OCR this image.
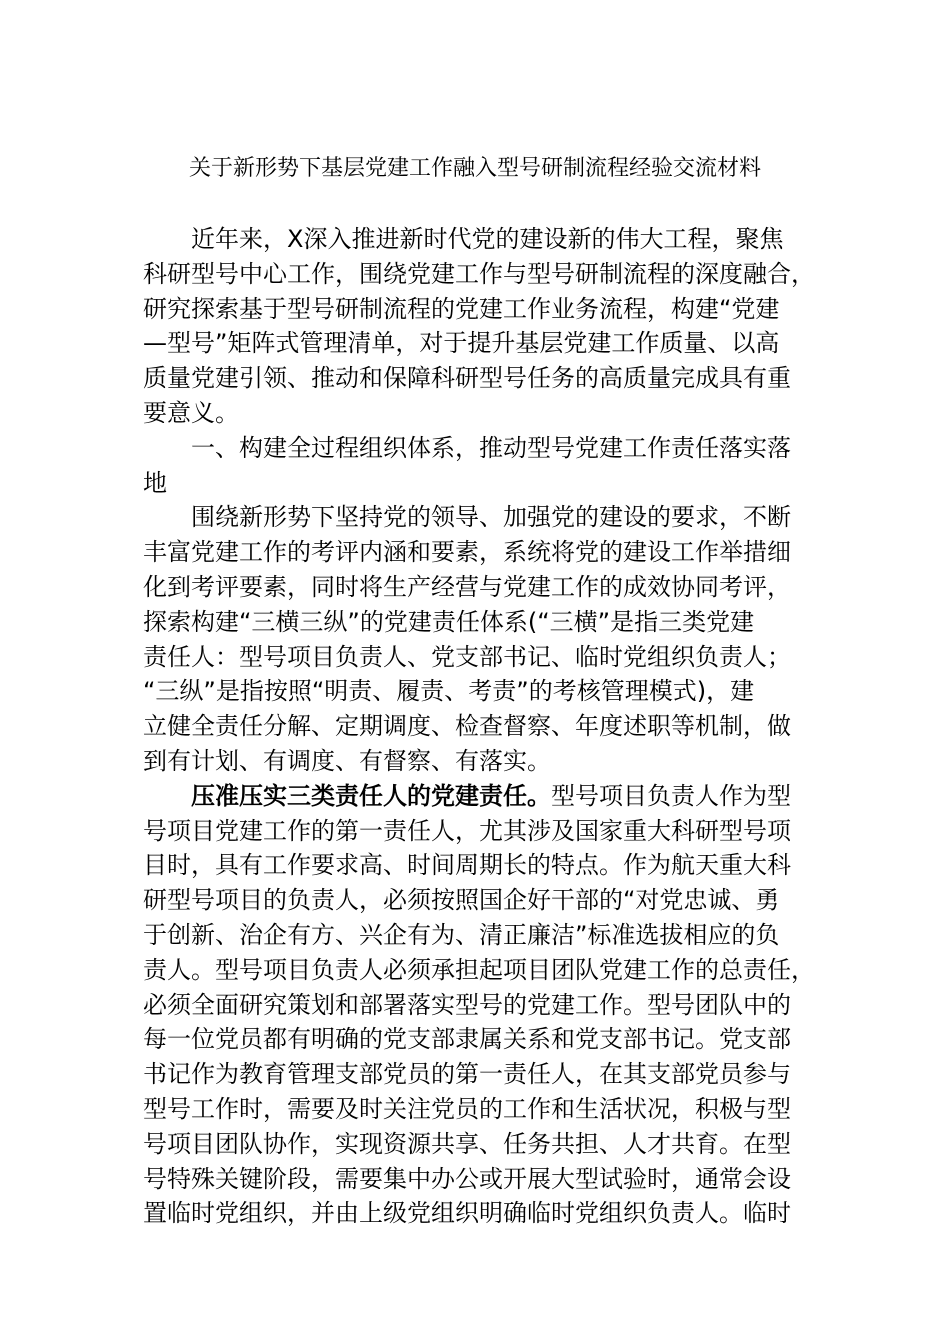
关于新形势下基层党建工作融入型号研制流程经验交流材料
近年来，X深入推进新时代党的建设新的伟大工程，聚焦
科研型号中心工作，围绕党建工作与型号研制流程的深度融合，
研究探索基于型号研制流程的党建工作业务流程，构建“党建
—型号”矩阵式管理清单，对于提升基层党建工作质量、以高
质量党建引领、推动和保障科研型号任务的高质量完成具有重
要意义。
一、构建全过程组织体系，推动型号党建工作责任落实落
地
围绕新形势下坚持党的领导、加强党的建设的要求，不断
丰富党建工作的考评内涵和要素，系统将党的建设工作举措细
化到考评要素，同时将生产经营与党建工作的成效协同考评，
探索构建“三横三纵”的党建责任体系(“三横”是指三类党建
责任人：型号项目负责人、党支部书记、临时党组织负责人；
“三纵”是指按照“明责、履责、考责”的考核管理模式)，建
立健全责任分解、定期调度、检查督察、年度述职等机制，做
到有计划、有调度、有督察、有落实。
压准压实三类责任人的党建责任。型号项目负责人作为型
号项目党建工作的第一责任人，尤其涉及国家重大科研型号项
目时，具有工作要求高、时间周期长的特点。作为航天重大科
研型号项目的负责人，必须按照国企好干部的“对党忠诚、勇
于创新、治企有方、兴企有为、清正廉洁”标准选拔相应的负
责人。型号项目负责人必须承担起项目团队党建工作的总责任，
必须全面研究策划和部署落实型号的党建工作。型号团队中的
每一位党员都有明确的党支部隶属关系和党支部书记。党支部
书记作为教育管理支部党员的第一责任人，在其支部党员参与
型号工作时，需要及时关注党员的工作和生活状况，积极与型
号项目团队协作，实现资源共享、任务共担、人才共育。在型
号特殊关键阶段，需要集中办公或开展大型试验时，通常会设
置临时党组织，并由上级党组织明确临时党组织负责人。临时
